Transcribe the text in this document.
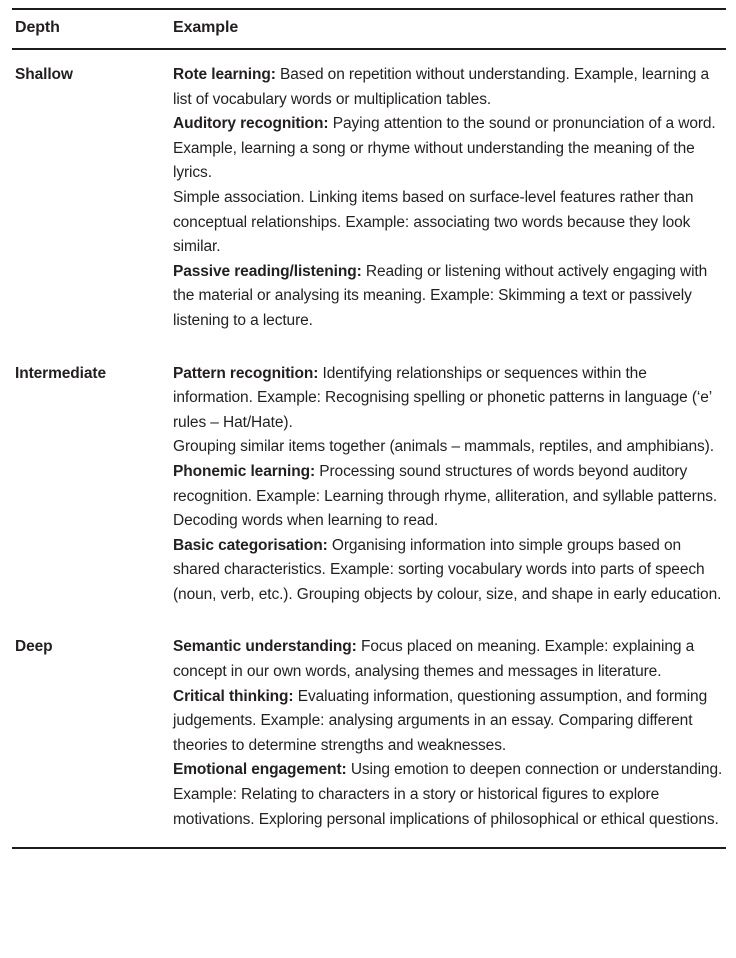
Depth	Example
Shallow	Rote learning: Based on repetition without understanding. Example, learning a list of vocabulary words or multiplication tables.

Auditory recognition: Paying attention to the sound or pronunciation of a word. Example, learning a song or rhyme without understanding the meaning of the lyrics.

Simple association. Linking items based on surface-level features rather than conceptual relationships. Example: associating two words because they look similar.

Passive reading/listening: Reading or listening without actively engaging with the material or analysing its meaning. Example: Skimming a text or passively listening to a lecture.

Intermediate	Pattern recognition: Identifying relationships or sequences within the information. Example: Recognising spelling or phonetic patterns in language (‘e’ rules – Hat/Hate).

Grouping similar items together (animals – mammals, reptiles, and amphibians).

Phonemic learning: Processing sound structures of words beyond auditory recognition. Example: Learning through rhyme, alliteration, and syllable patterns. Decoding words when learning to read.

Basic categorisation: Organising information into simple groups based on shared characteristics. Example: sorting vocabulary words into parts of speech (noun, verb, etc.). Grouping objects by colour, size, and shape in early education.

Deep	Semantic understanding: Focus placed on meaning. Example: explaining a concept in our own words, analysing themes and messages in literature.

Critical thinking: Evaluating information, questioning assumption, and forming judgements. Example: analysing arguments in an essay. Comparing different theories to determine strengths and weaknesses.

Emotional engagement: Using emotion to deepen connection or understanding. Example: Relating to characters in a story or historical figures to explore motivations. Exploring personal implications of philosophical or ethical questions.
